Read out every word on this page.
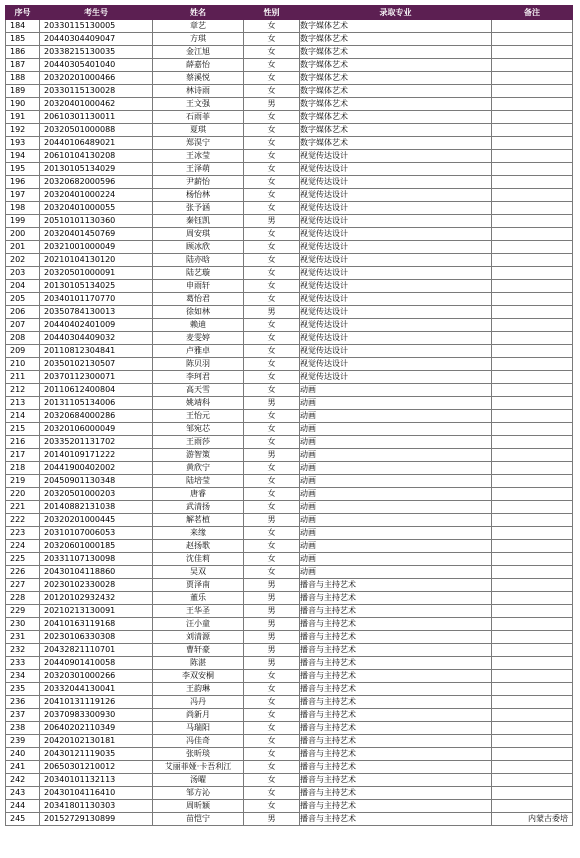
序号	考生号	姓名	性别	录取专业	备注
184	20330115130005	章艺	女	数字媒体艺术	
185	20440304409047	方琪	女	数字媒体艺术	
186	20338215130035	金江旭	女	数字媒体艺术	
187	20440305401040	薛嘉怡	女	数字媒体艺术	
188	20320201000466	蔡溪悦	女	数字媒体艺术	
189	20330115130028	林诗雨	女	数字媒体艺术	
190	20320401000462	王文强	男	数字媒体艺术	
191	20610301130011	石雨菲	女	数字媒体艺术	
192	20320501000088	夏琪	女	数字媒体艺术	
193	20440106489021	郑淏宁	女	数字媒体艺术	
194	20610104130208	王冰莹	女	视觉传达设计	
195	20130105134029	王泽萌	女	视觉传达设计	
196	20320682000596	尹薪怡	女	视觉传达设计	
197	20320401000224	杨怡林	女	视觉传达设计	
198	20320401000055	张予涵	女	视觉传达设计	
199	20510101130360	秦钰凯	男	视觉传达设计	
200	20320401450769	周安琪	女	视觉传达设计	
201	20321001000049	顾冰欣	女	视觉传达设计	
202	20210104130120	陆亦晗	女	视觉传达设计	
203	20320501000091	陆艺璇	女	视觉传达设计	
204	20130105134025	申雨轩	女	视觉传达设计	
205	20340101170770	葛怡君	女	视觉传达设计	
206	20350784130013	徐如林	男	视觉传达设计	
207	20440402401009	赖迪	女	视觉传达设计	
208	20440304409032	麦雯婷	女	视觉传达设计	
209	20110812304841	卢雅卓	女	视觉传达设计	
210	20350102130507	陈贝羽	女	视觉传达设计	
211	20370112300071	李珂君	女	视觉传达设计	
212	20110612400804	高天雪	女	动画	
213	20131105134006	姚靖科	男	动画	
214	20320684000286	王怡元	女	动画	
215	20320106000049	邹宛芯	女	动画	
216	20335201131702	王雨莎	女	动画	
217	20140109171222	游智策	男	动画	
218	20441900402002	黄欣宁	女	动画	
219	20450901130348	陆培莹	女	动画	
220	20320501000203	唐睿	女	动画	
221	20140882131038	武清扬	女	动画	
222	20320201000445	解茗植	男	动画	
223	20310107006053	来缘	女	动画	
224	20320601000185	赵扬歌	女	动画	
225	20331107130098	沈佳莉	女	动画	
226	20430104118860	吴双	女	动画	
227	20230102330028	贾泽南	男	播音与主持艺术	
228	20120102932432	董乐	男	播音与主持艺术	
229	20210213130091	王华圣	男	播音与主持艺术	
230	20410163119168	汪小童	男	播音与主持艺术	
231	20230106330308	刘清源	男	播音与主持艺术	
232	20432821110701	曹轩豪	男	播音与主持艺术	
233	20440901410058	陈湛	男	播音与主持艺术	
234	20320301000266	李双安桐	女	播音与主持艺术	
235	20332044130041	王韵琳	女	播音与主持艺术	
236	20410131119126	冯丹	女	播音与主持艺术	
237	20370983300930	尚新月	女	播音与主持艺术	
238	20640202110349	马瑞阳	女	播音与主持艺术	
239	20420102130181	冯佳奇	女	播音与主持艺术	
240	20430121119035	张昕琰	女	播音与主持艺术	
241	20650301210012	艾丽菲娅·卡吾利江	女	播音与主持艺术	
242	20340101132113	汤曜	女	播音与主持艺术	
243	20430104116410	邹方沁	女	播音与主持艺术	
244	20341801130303	周昕颖	女	播音与主持艺术	
245	20152729130899	苗恺宁	男	播音与主持艺术	内蒙古委培
